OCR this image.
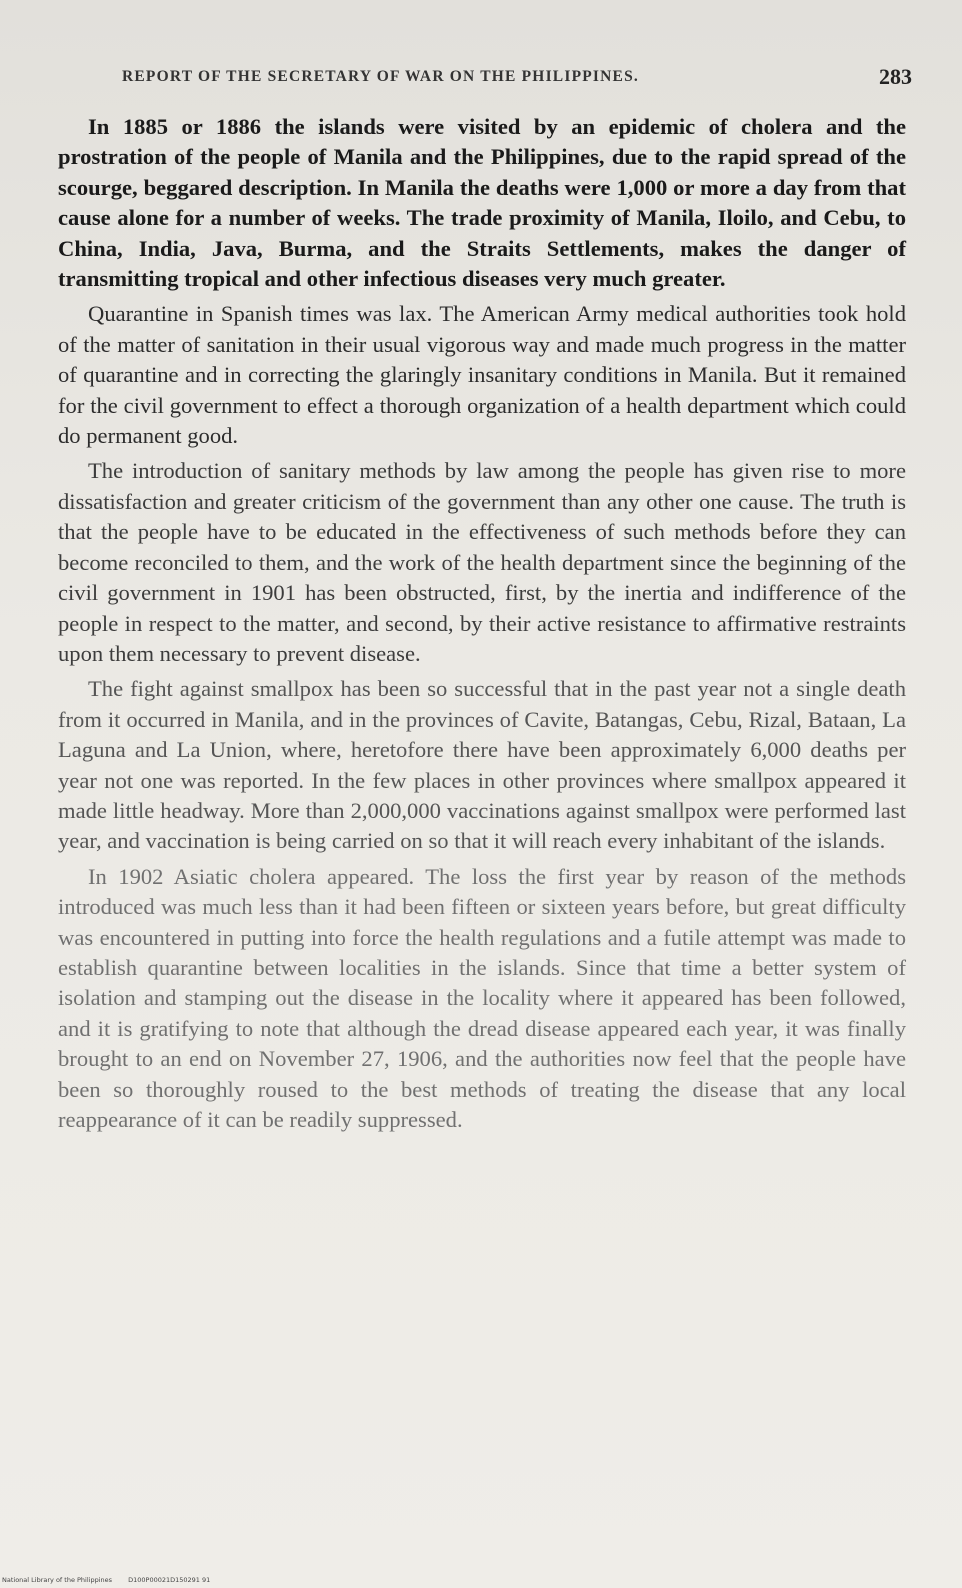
REPORT OF THE SECRETARY OF WAR ON THE PHILIPPINES.	283

In 1885 or 1886 the islands were visited by an epidemic of cholera and the prostration of the people of Manila and the Philippines, due to the rapid spread of the scourge, beggared description. In Manila the deaths were 1,000 or more a day from that cause alone for a number of weeks. The trade proximity of Manila, Iloilo, and Cebu, to China, India, Java, Burma, and the Straits Settlements, makes the danger of transmitting tropical and other infectious diseases very much greater.

Quarantine in Spanish times was lax. The American Army medical authorities took hold of the matter of sanitation in their usual vigorous way and made much progress in the matter of quarantine and in correcting the glaringly insanitary conditions in Manila. But it remained for the civil government to effect a thorough organization of a health department which could do permanent good.

The introduction of sanitary methods by law among the people has given rise to more dissatisfaction and greater criticism of the government than any other one cause. The truth is that the people have to be educated in the effectiveness of such methods before they can become reconciled to them, and the work of the health department since the beginning of the civil government in 1901 has been obstructed, first, by the inertia and indifference of the people in respect to the matter, and second, by their active resistance to affirmative restraints upon them necessary to prevent disease.

The fight against smallpox has been so successful that in the past year not a single death from it occurred in Manila, and in the provinces of Cavite, Batangas, Cebu, Rizal, Bataan, La Laguna and La Union, where, heretofore there have been approximately 6,000 deaths per year not one was reported. In the few places in other provinces where smallpox appeared it made little headway. More than 2,000,000 vaccinations against smallpox were performed last year, and vaccination is being carried on so that it will reach every inhabitant of the islands.

In 1902 Asiatic cholera appeared. The loss the first year by reason of the methods introduced was much less than it had been fifteen or sixteen years before, but great difficulty was encountered in putting into force the health regulations and a futile attempt was made to establish quarantine between localities in the islands. Since that time a better system of isolation and stamping out the disease in the locality where it appeared has been followed, and it is gratifying to note that although the dread disease appeared each year, it was finally brought to an end on November 27, 1906, and the authorities now feel that the people have been so thoroughly roused to the best methods of treating the disease that any local reappearance of it can be readily suppressed.

National Library of the Philippines D100P00021D150291 91
